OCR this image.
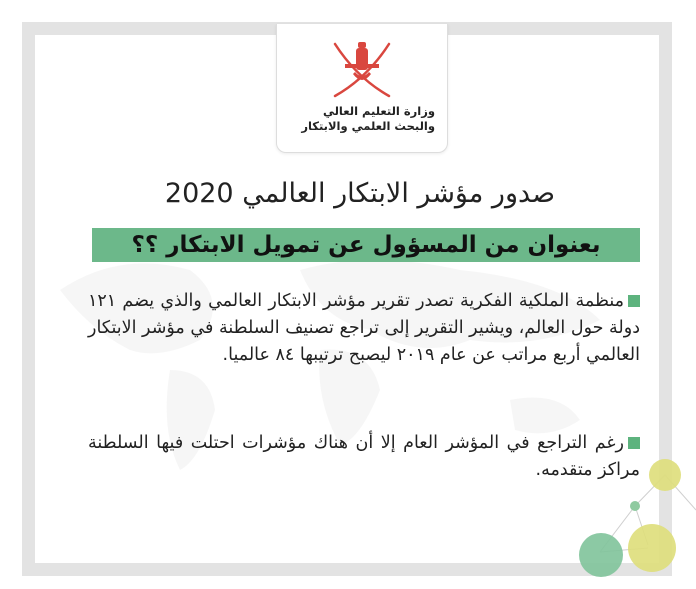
وزارة التعليم العالي
والبحث العلمي والابتكار
صدور مؤشر الابتكار العالمي 2020
بعنوان من المسؤول عن تمويل الابتكار ؟؟
منظمة الملكية الفكرية تصدر تقرير مؤشر الابتكار العالمي والذي يضم ١٢١ دولة حول العالم، ويشير التقرير إلى تراجع تصنيف السلطنة في مؤشر الابتكار العالمي أربع مراتب عن عام ٢٠١٩ ليصبح ترتيبها ٨٤ عالميا.
رغم التراجع في المؤشر العام إلا أن هناك مؤشرات احتلت فيها السلطنة مراكز متقدمه.
